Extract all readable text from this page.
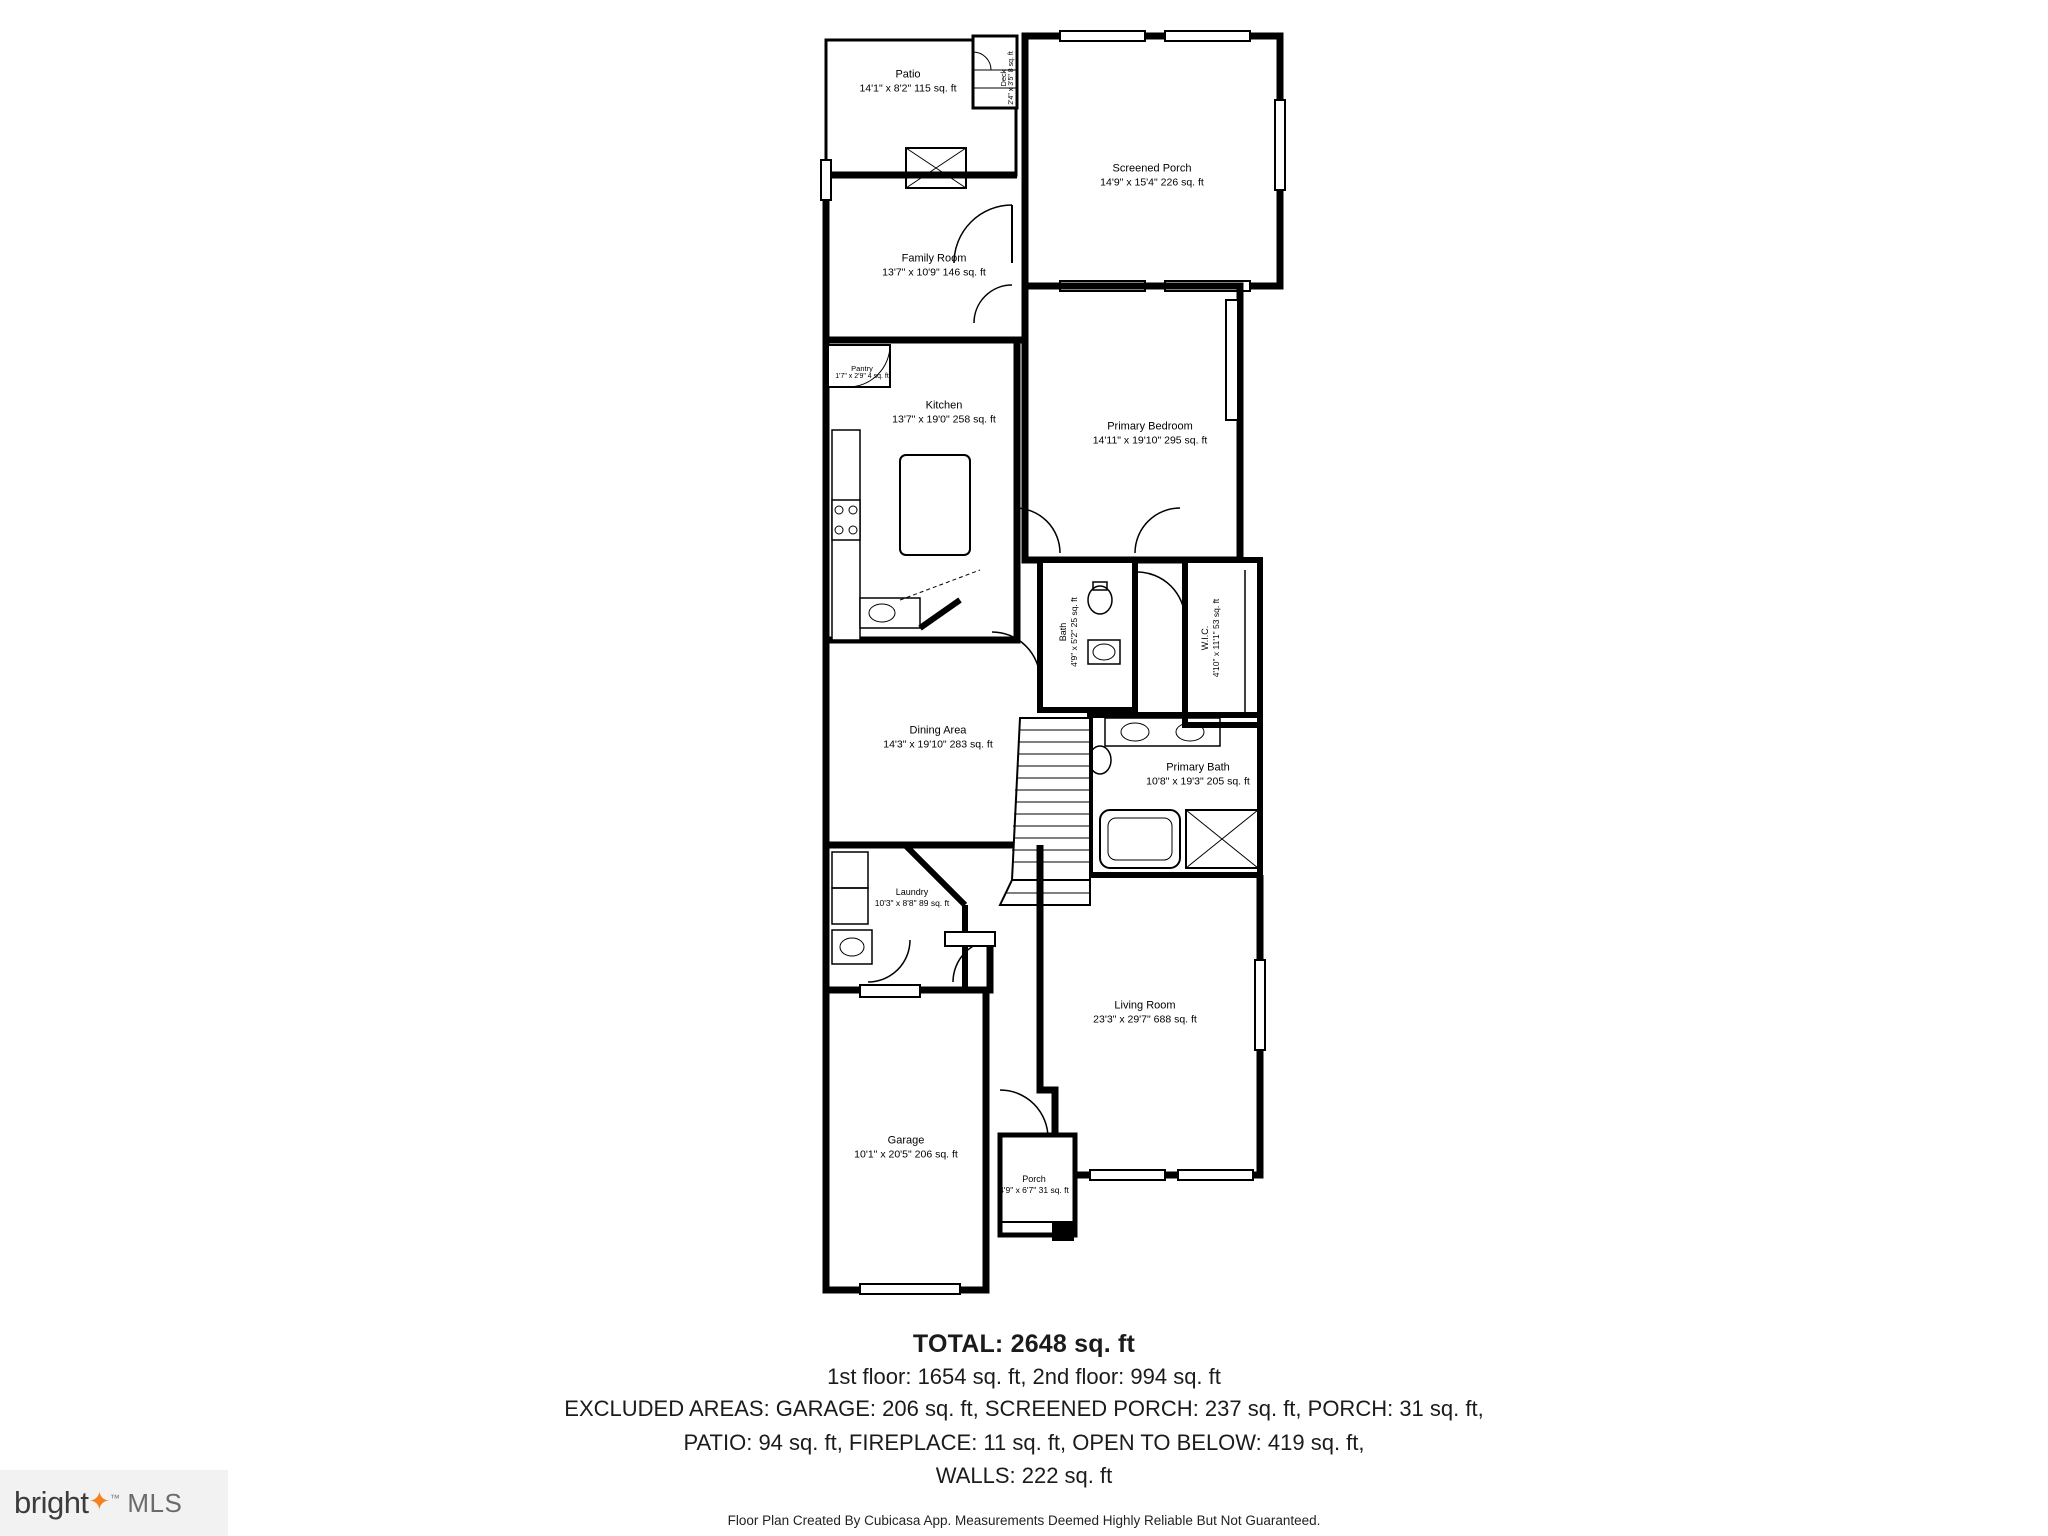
Patio
14'1" x 8'2" 115 sq. ft
Deck 2'4" x 3'5" 8 sq. ft
Screened Porch
14'9" x 15'4" 226 sq. ft
Family Room
13'7" x 10'9" 146 sq. ft
Pantry
1'7" x 2'9" 4 sq. ft
Kitchen
13'7" x 19'0" 258 sq. ft
Primary Bedroom
14'11" x 19'10" 295 sq. ft
Bath 4'9" x 5'2" 25 sq. ft	W.I.C. 4'10" x 11'1" 53 sq. ft
Dining Area
14'3" x 19'10" 283 sq. ft
Primary Bath
10'8" x 19'3" 205 sq. ft
Laundry
10'3" x 8'8" 89 sq. ft
Living Room
23'3" x 29'7" 688 sq. ft
Garage
10'1" x 20'5" 206 sq. ft
Porch
4'9" x 6'7" 31 sq. ft
TOTAL: 2648 sq. ft
1st floor: 1654 sq. ft, 2nd floor: 994 sq. ft
EXCLUDED AREAS: GARAGE: 206 sq. ft, SCREENED PORCH: 237 sq. ft, PORCH: 31 sq. ft,
PATIO: 94 sq. ft, FIREPLACE: 11 sq. ft, OPEN TO BELOW: 419 sq. ft,
WALLS: 222 sq. ft
Floor Plan Created By Cubicasa App. Measurements Deemed Highly Reliable But Not Guaranteed.
bright✦™ MLS
